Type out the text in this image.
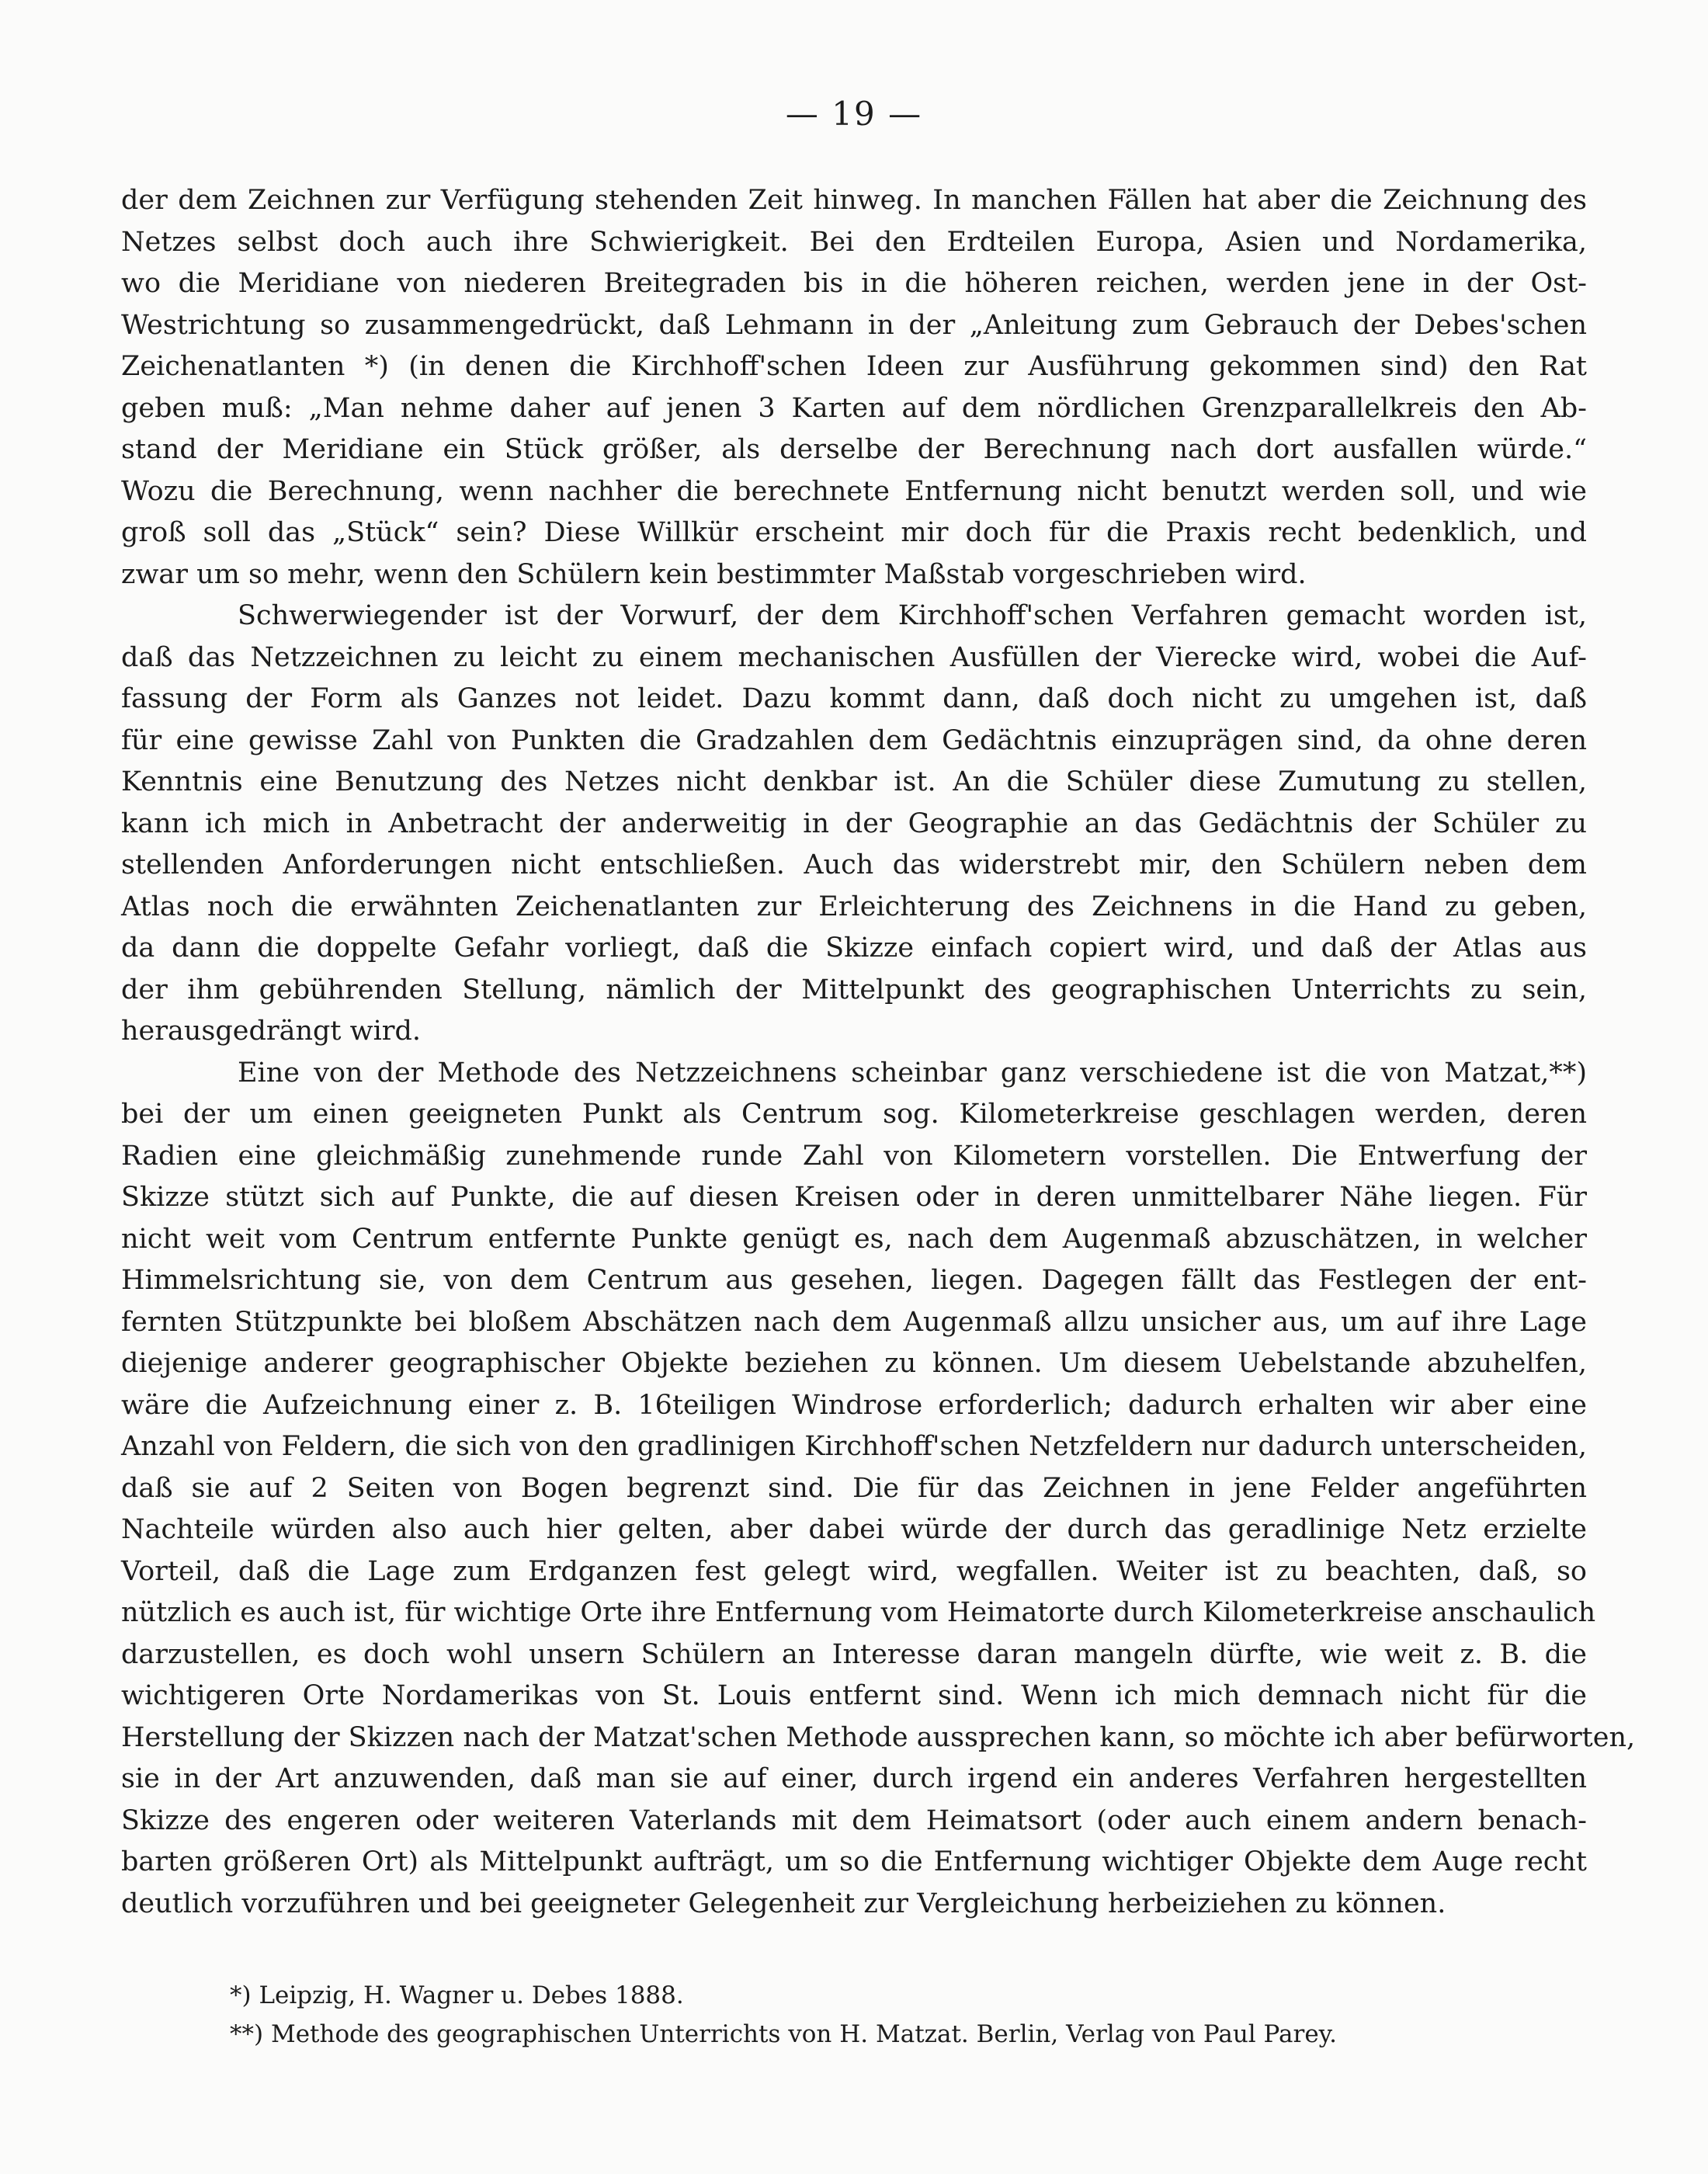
— 19 —
der dem Zeichnen zur Verfügung stehenden Zeit hinweg. In manchen Fällen hat aber die Zeichnung des
Netzes selbst doch auch ihre Schwierigkeit. Bei den Erdteilen Europa, Asien und Nordamerika,
wo die Meridiane von niederen Breitegraden bis in die höheren reichen, werden jene in der Ost-
Westrichtung so zusammengedrückt, daß Lehmann in der „Anleitung zum Gebrauch der Debes'schen
Zeichenatlanten *) (in denen die Kirchhoff'schen Ideen zur Ausführung gekommen sind) den Rat
geben muß: „Man nehme daher auf jenen 3 Karten auf dem nördlichen Grenzparallelkreis den Ab-
stand der Meridiane ein Stück größer, als derselbe der Berechnung nach dort ausfallen würde.“
Wozu die Berechnung, wenn nachher die berechnete Entfernung nicht benutzt werden soll, und wie
groß soll das „Stück“ sein? Diese Willkür erscheint mir doch für die Praxis recht bedenklich, und
zwar um so mehr, wenn den Schülern kein bestimmter Maßstab vorgeschrieben wird.
Schwerwiegender ist der Vorwurf, der dem Kirchhoff'schen Verfahren gemacht worden ist,
daß das Netzzeichnen zu leicht zu einem mechanischen Ausfüllen der Vierecke wird, wobei die Auf-
fassung der Form als Ganzes not leidet. Dazu kommt dann, daß doch nicht zu umgehen ist, daß
für eine gewisse Zahl von Punkten die Gradzahlen dem Gedächtnis einzuprägen sind, da ohne deren
Kenntnis eine Benutzung des Netzes nicht denkbar ist. An die Schüler diese Zumutung zu stellen,
kann ich mich in Anbetracht der anderweitig in der Geographie an das Gedächtnis der Schüler zu
stellenden Anforderungen nicht entschließen. Auch das widerstrebt mir, den Schülern neben dem
Atlas noch die erwähnten Zeichenatlanten zur Erleichterung des Zeichnens in die Hand zu geben,
da dann die doppelte Gefahr vorliegt, daß die Skizze einfach copiert wird, und daß der Atlas aus
der ihm gebührenden Stellung, nämlich der Mittelpunkt des geographischen Unterrichts zu sein,
herausgedrängt wird.
Eine von der Methode des Netzzeichnens scheinbar ganz verschiedene ist die von Matzat,**)
bei der um einen geeigneten Punkt als Centrum sog. Kilometerkreise geschlagen werden, deren
Radien eine gleichmäßig zunehmende runde Zahl von Kilometern vorstellen. Die Entwerfung der
Skizze stützt sich auf Punkte, die auf diesen Kreisen oder in deren unmittelbarer Nähe liegen. Für
nicht weit vom Centrum entfernte Punkte genügt es, nach dem Augenmaß abzuschätzen, in welcher
Himmelsrichtung sie, von dem Centrum aus gesehen, liegen. Dagegen fällt das Festlegen der ent-
fernten Stützpunkte bei bloßem Abschätzen nach dem Augenmaß allzu unsicher aus, um auf ihre Lage
diejenige anderer geographischer Objekte beziehen zu können. Um diesem Uebelstande abzuhelfen,
wäre die Aufzeichnung einer z. B. 16teiligen Windrose erforderlich; dadurch erhalten wir aber eine
Anzahl von Feldern, die sich von den gradlinigen Kirchhoff'schen Netzfeldern nur dadurch unterscheiden,
daß sie auf 2 Seiten von Bogen begrenzt sind. Die für das Zeichnen in jene Felder angeführten
Nachteile würden also auch hier gelten, aber dabei würde der durch das geradlinige Netz erzielte
Vorteil, daß die Lage zum Erdganzen fest gelegt wird, wegfallen. Weiter ist zu beachten, daß, so
nützlich es auch ist, für wichtige Orte ihre Entfernung vom Heimatorte durch Kilometerkreise anschaulich
darzustellen, es doch wohl unsern Schülern an Interesse daran mangeln dürfte, wie weit z. B. die
wichtigeren Orte Nordamerikas von St. Louis entfernt sind. Wenn ich mich demnach nicht für die
Herstellung der Skizzen nach der Matzat'schen Methode aussprechen kann, so möchte ich aber befürworten,
sie in der Art anzuwenden, daß man sie auf einer, durch irgend ein anderes Verfahren hergestellten
Skizze des engeren oder weiteren Vaterlands mit dem Heimatsort (oder auch einem andern benach-
barten größeren Ort) als Mittelpunkt aufträgt, um so die Entfernung wichtiger Objekte dem Auge recht
deutlich vorzuführen und bei geeigneter Gelegenheit zur Vergleichung herbeiziehen zu können.
*) Leipzig, H. Wagner u. Debes 1888.
**) Methode des geographischen Unterrichts von H. Matzat. Berlin, Verlag von Paul Parey.
